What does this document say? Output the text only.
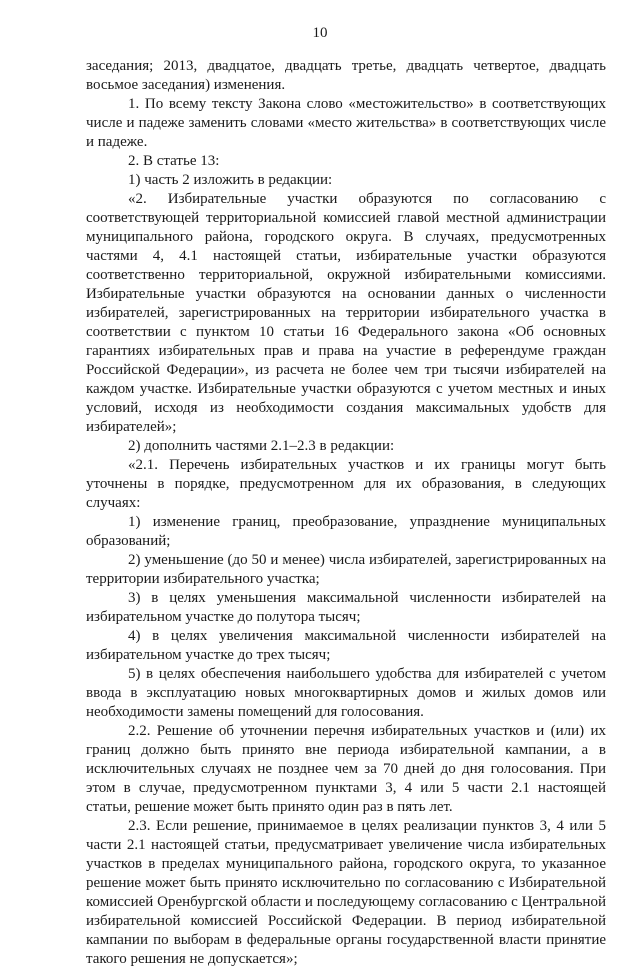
10

заседания; 2013, двадцатое, двадцать третье, двадцать четвертое, двадцать восьмое заседания) изменения.

1. По всему тексту Закона слово «местожительство» в соответствующих числе и падеже заменить словами «место жительства» в соответствующих числе и падеже.

2. В статье 13:

1) часть 2 изложить в редакции:

«2. Избирательные участки образуются по согласованию с соответствующей территориальной комиссией главой местной администрации муниципального района, городского округа. В случаях, предусмотренных частями 4, 4.1 настоящей статьи, избирательные участки образуются соответственно территориальной, окружной избирательными комиссиями. Избирательные участки образуются на основании данных о численности избирателей, зарегистрированных на территории избирательного участка в соответствии с пунктом 10 статьи 16 Федерального закона «Об основных гарантиях избирательных прав и права на участие в референдуме граждан Российской Федерации», из расчета не более чем три тысячи избирателей на каждом участке. Избирательные участки образуются с учетом местных и иных условий, исходя из необходимости создания максимальных удобств для избирателей»;

2) дополнить частями 2.1–2.3 в редакции:

«2.1. Перечень избирательных участков и их границы могут быть уточнены в порядке, предусмотренном для их образования, в следующих случаях:

1) изменение границ, преобразование, упразднение муниципальных образований;

2) уменьшение (до 50 и менее) числа избирателей, зарегистрированных на территории избирательного участка;

3) в целях уменьшения максимальной численности избирателей на избирательном участке до полутора тысяч;

4) в целях увеличения максимальной численности избирателей на избирательном участке до трех тысяч;

5) в целях обеспечения наибольшего удобства для избирателей с учетом ввода в эксплуатацию новых многоквартирных домов и жилых домов или необходимости замены помещений для голосования.

2.2. Решение об уточнении перечня избирательных участков и (или) их границ должно быть принято вне периода избирательной кампании, а в исключительных случаях не позднее чем за 70 дней до дня голосования. При этом в случае, предусмотренном пунктами 3, 4 или 5 части 2.1 настоящей статьи, решение может быть принято один раз в пять лет.

2.3. Если решение, принимаемое в целях реализации пунктов 3, 4 или 5 части 2.1 настоящей статьи, предусматривает увеличение числа избирательных участков в пределах муниципального района, городского округа, то указанное решение может быть принято исключительно по согласованию с Избирательной комиссией Оренбургской области и последующему согласованию с Центральной избирательной комиссией Российской Федерации. В период избирательной кампании по выборам в федеральные органы государственной власти принятие такого решения не допускается»;
